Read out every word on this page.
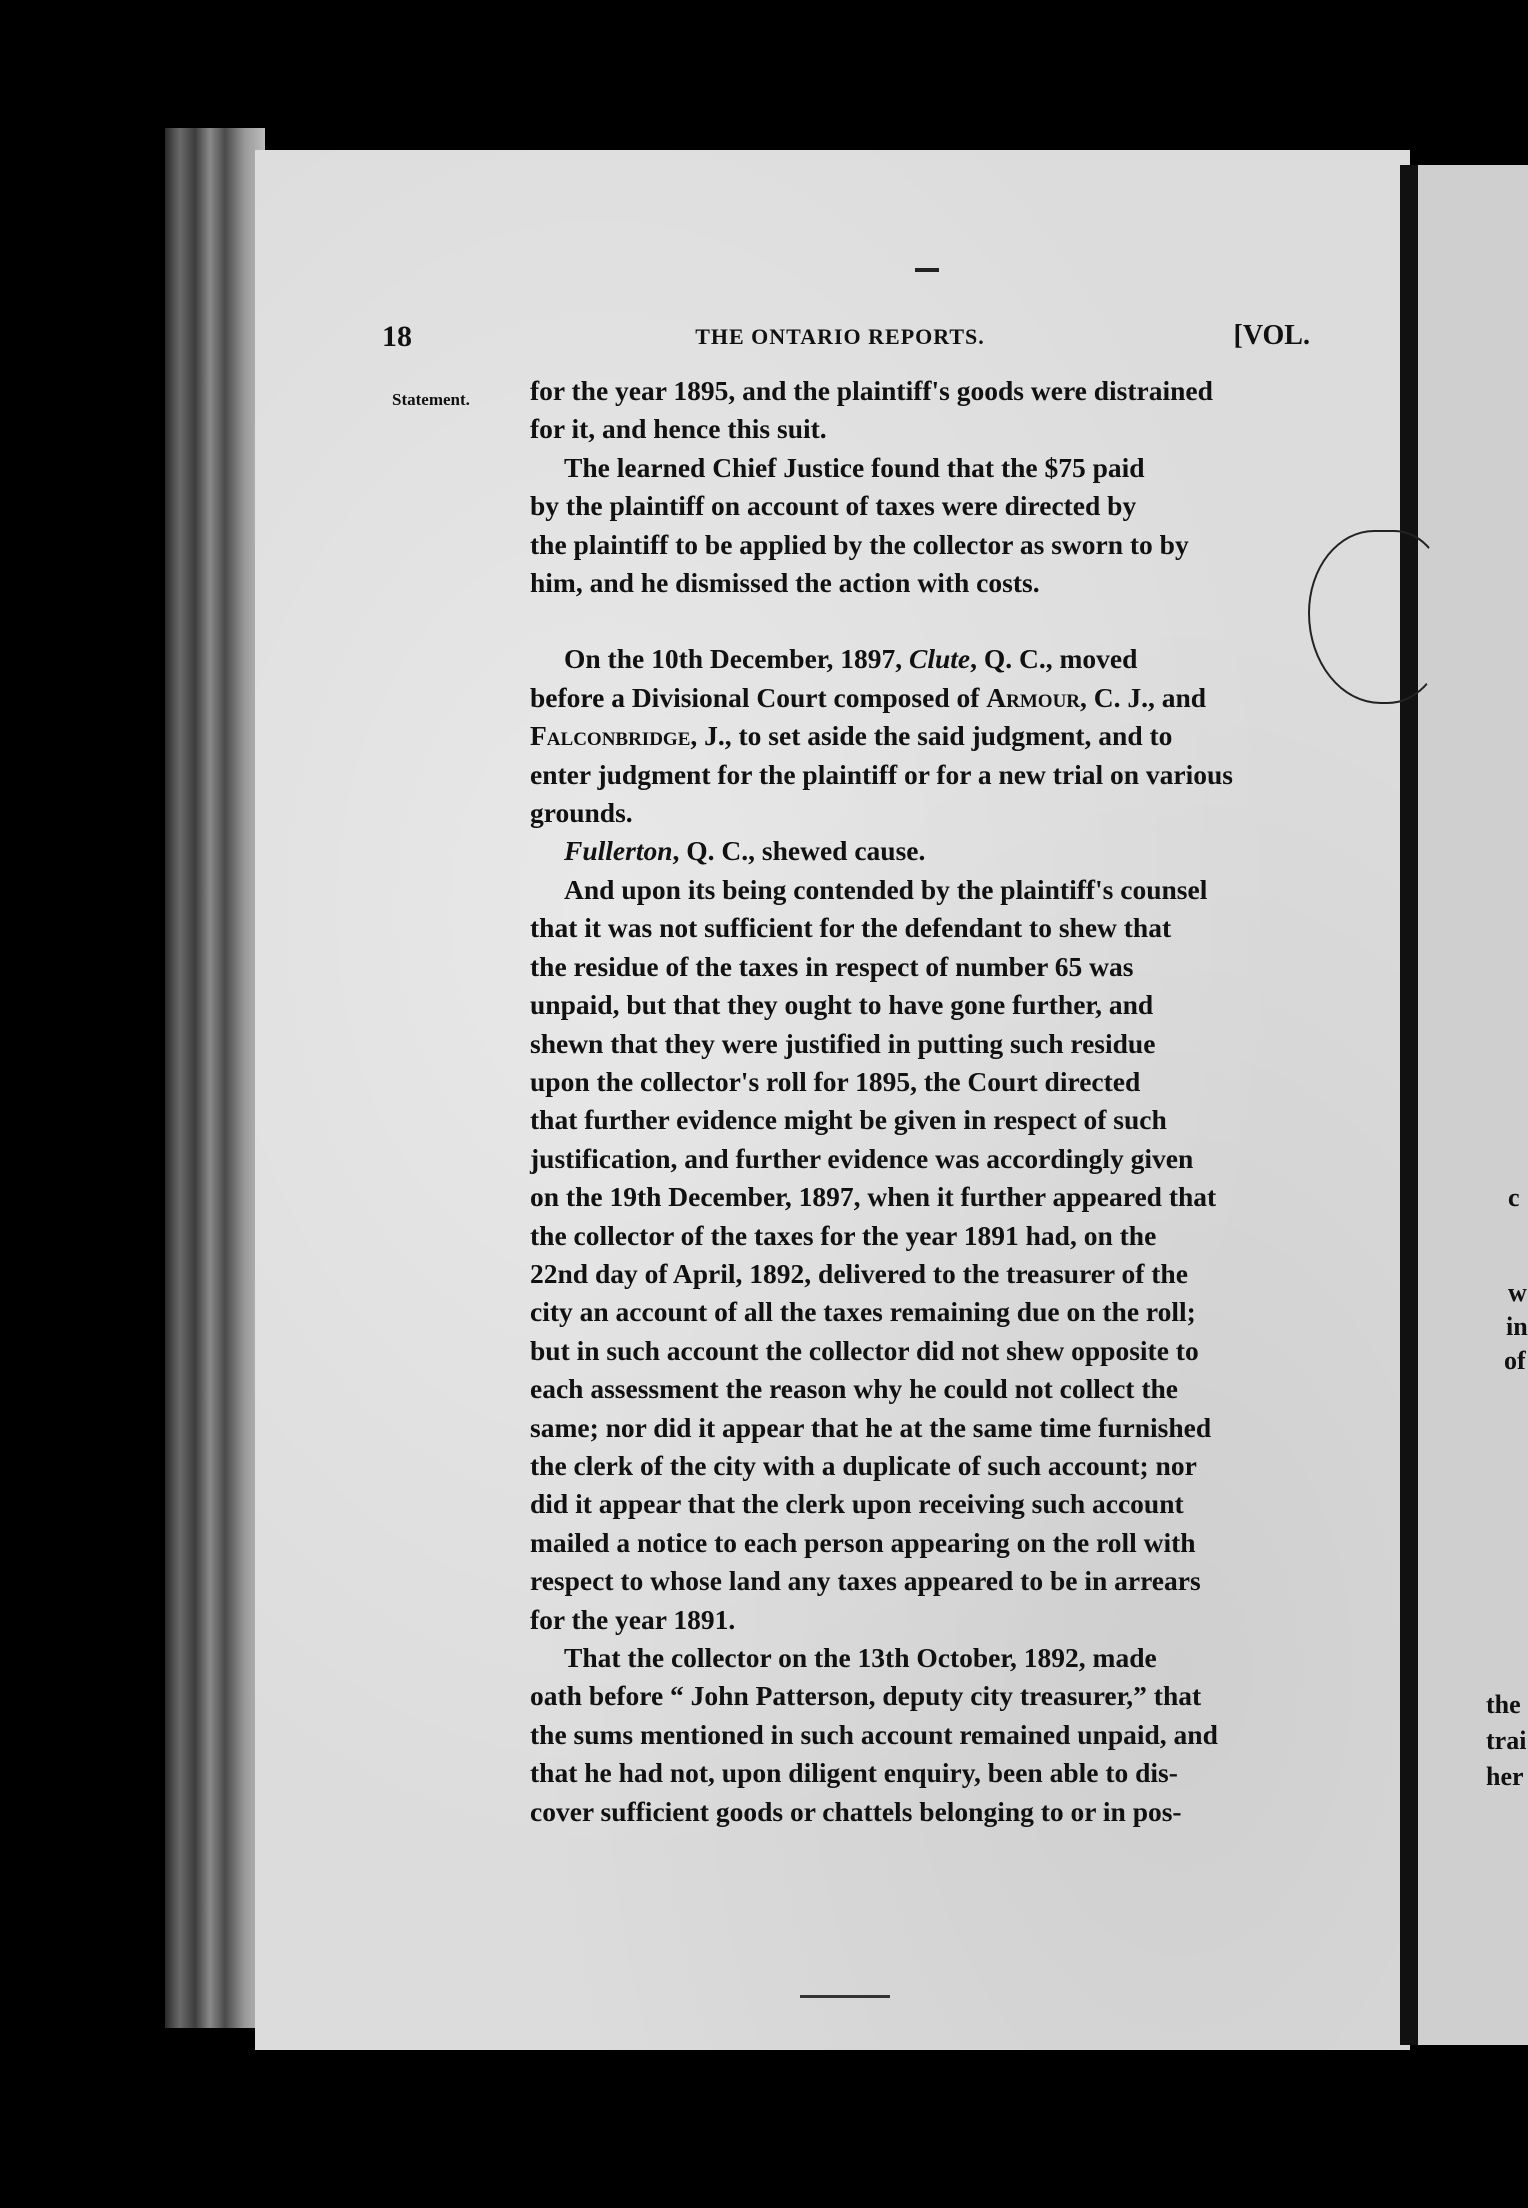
c
w
in
of
the
trai
her
18	THE ONTARIO REPORTS.	[VOL.
Statement. for the year 1895, and the plaintiff's goods were distrained

for it, and hence this suit.

The learned Chief Justice found that the $75 paid

by the plaintiff on account of taxes were directed by

the plaintiff to be applied by the collector as sworn to by

him, and he dismissed the action with costs.

On the 10th December, 1897, Clute, Q. C., moved

before a Divisional Court composed of Armour, C. J., and

Falconbridge, J., to set aside the said judgment, and to

enter judgment for the plaintiff or for a new trial on various

grounds.

Fullerton, Q. C., shewed cause.

And upon its being contended by the plaintiff's counsel

that it was not sufficient for the defendant to shew that

the residue of the taxes in respect of number 65 was

unpaid, but that they ought to have gone further, and

shewn that they were justified in putting such residue

upon the collector's roll for 1895, the Court directed

that further evidence might be given in respect of such

justification, and further evidence was accordingly given

on the 19th December, 1897, when it further appeared that

the collector of the taxes for the year 1891 had, on the

22nd day of April, 1892, delivered to the treasurer of the

city an account of all the taxes remaining due on the roll;

but in such account the collector did not shew opposite to

each assessment the reason why he could not collect the

same; nor did it appear that he at the same time furnished

the clerk of the city with a duplicate of such account; nor

did it appear that the clerk upon receiving such account

mailed a notice to each person appearing on the roll with

respect to whose land any taxes appeared to be in arrears

for the year 1891.

That the collector on the 13th October, 1892, made

oath before “ John Patterson, deputy city treasurer,” that

the sums mentioned in such account remained unpaid, and

that he had not, upon diligent enquiry, been able to dis-

cover sufficient goods or chattels belonging to or in pos-
